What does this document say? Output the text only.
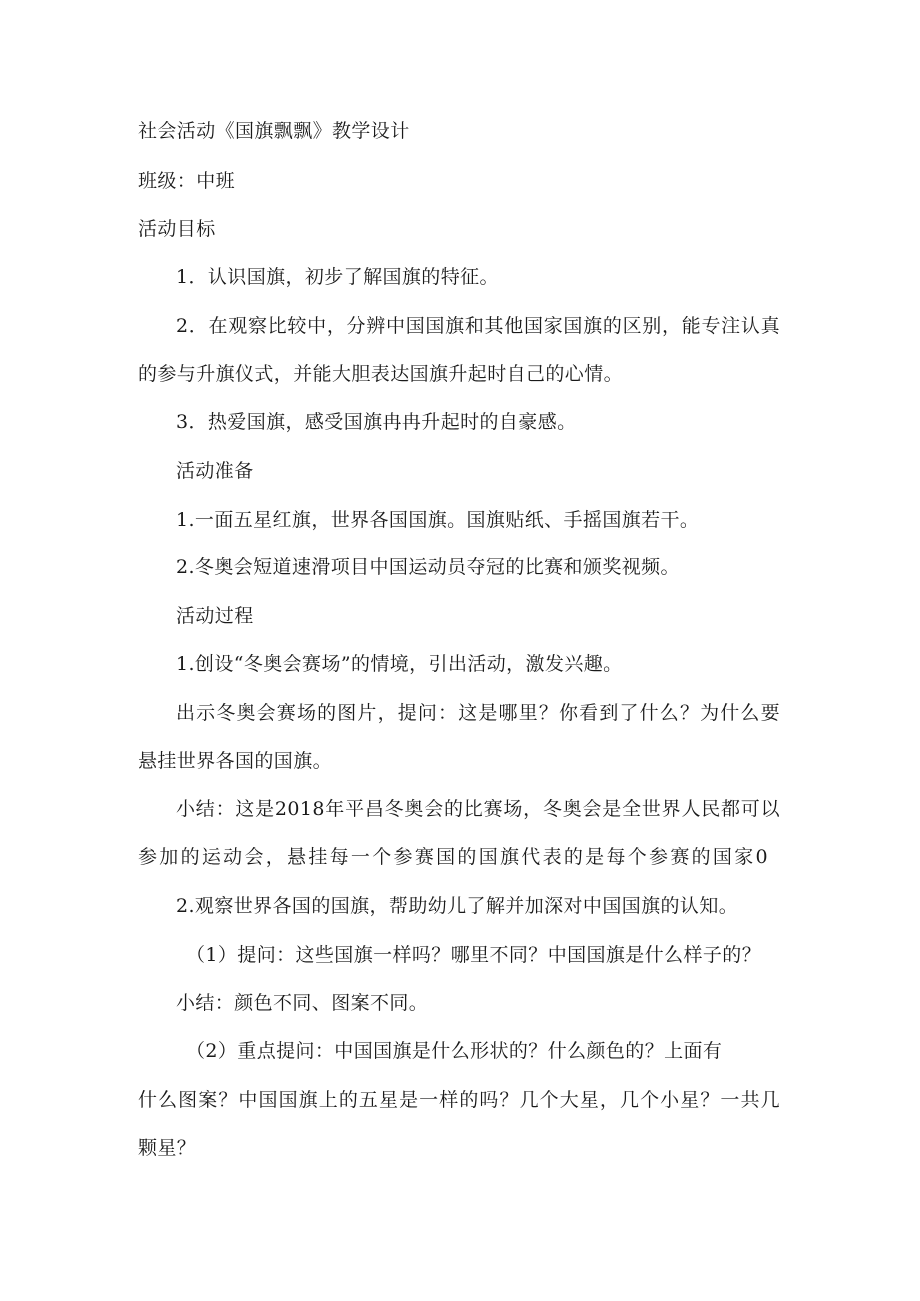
社会活动《国旗飘飘》教学设计

班级：中班

活动目标

1．认识国旗，初步了解国旗的特征。

2．在观察比较中，分辨中国国旗和其他国家国旗的区别，能专注认真

的参与升旗仪式，并能大胆表达国旗升起时自己的心情。

3．热爱国旗，感受国旗冉冉升起时的自豪感。

活动准备

1.一面五星红旗，世界各国国旗。国旗贴纸、手摇国旗若干。

2.冬奥会短道速滑项目中国运动员夺冠的比赛和颁奖视频。

活动过程

1.创设“冬奥会赛场”的情境，引出活动，激发兴趣。

出示冬奥会赛场的图片，提问：这是哪里？你看到了什么？为什么要

悬挂世界各国的国旗。

小结：这是2018年平昌冬奥会的比赛场，冬奥会是全世界人民都可以

参加的运动会，悬挂每一个参赛国的国旗代表的是每个参赛的国家0

2.观察世界各国的国旗，帮助幼儿了解并加深对中国国旗的认知。

（1）提问：这些国旗一样吗？哪里不同？中国国旗是什么样子的？

小结：颜色不同、图案不同。

（2）重点提问：中国国旗是什么形状的？什么颜色的？上面有

什么图案？中国国旗上的五星是一样的吗？几个大星，几个小星？一共几

颗星？
